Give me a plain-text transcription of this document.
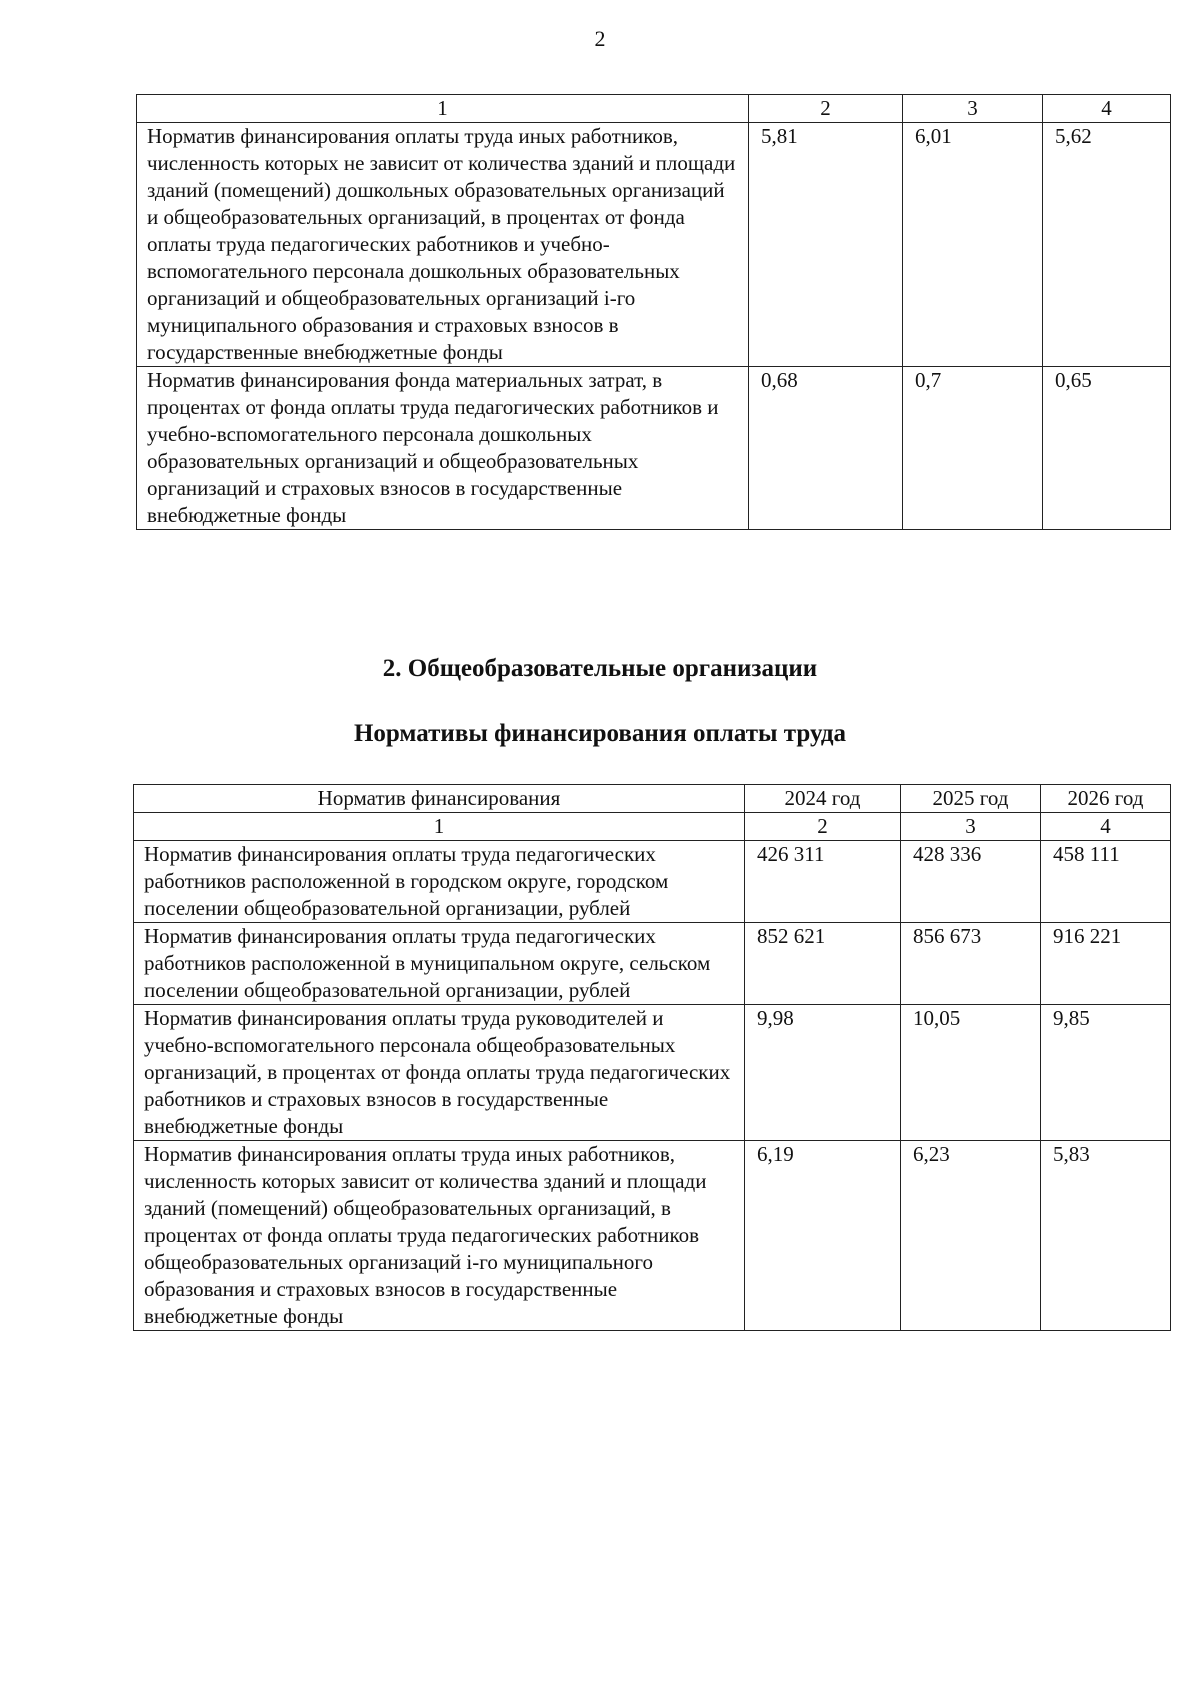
2
1	2	3	4
Норматив финансирования оплаты труда иных работников, численность которых не зависит от количества зданий и площади зданий (помещений) дошкольных образовательных организаций и общеобразовательных организаций, в процентах от фонда оплаты труда педагогических работников и учебно-вспомогательного персонала дошкольных образовательных организаций и общеобразовательных организаций i-го муниципального образования и страховых взносов в государственные внебюджетные фонды	5,81	6,01	5,62
Норматив финансирования фонда материальных затрат, в процентах от фонда оплаты труда педагогических работников и учебно-вспомогательного персонала дошкольных образовательных организаций и общеобразовательных организаций и страховых взносов в государственные внебюджетные фонды	0,68	0,7	0,65
2. Общеобразовательные организации
Нормативы финансирования оплаты труда
Норматив финансирования	2024 год	2025 год	2026 год
1	2	3	4
Норматив финансирования оплаты труда педагогических работников расположенной в городском округе, городском поселении общеобразовательной организации, рублей	426 311	428 336	458 111
Норматив финансирования оплаты труда педагогических работников расположенной в муниципальном округе, сельском поселении общеобразовательной организации, рублей	852 621	856 673	916 221
Норматив финансирования оплаты труда руководителей и учебно-вспомогательного персонала общеобразовательных организаций, в процентах от фонда оплаты труда педагогических работников и страховых взносов в государственные внебюджетные фонды	9,98	10,05	9,85
Норматив финансирования оплаты труда иных работников, численность которых зависит от количества зданий и площади зданий (помещений) общеобразовательных организаций, в процентах от фонда оплаты труда педагогических работников общеобразовательных организаций i-го муниципального образования и страховых взносов в государственные внебюджетные фонды	6,19	6,23	5,83
